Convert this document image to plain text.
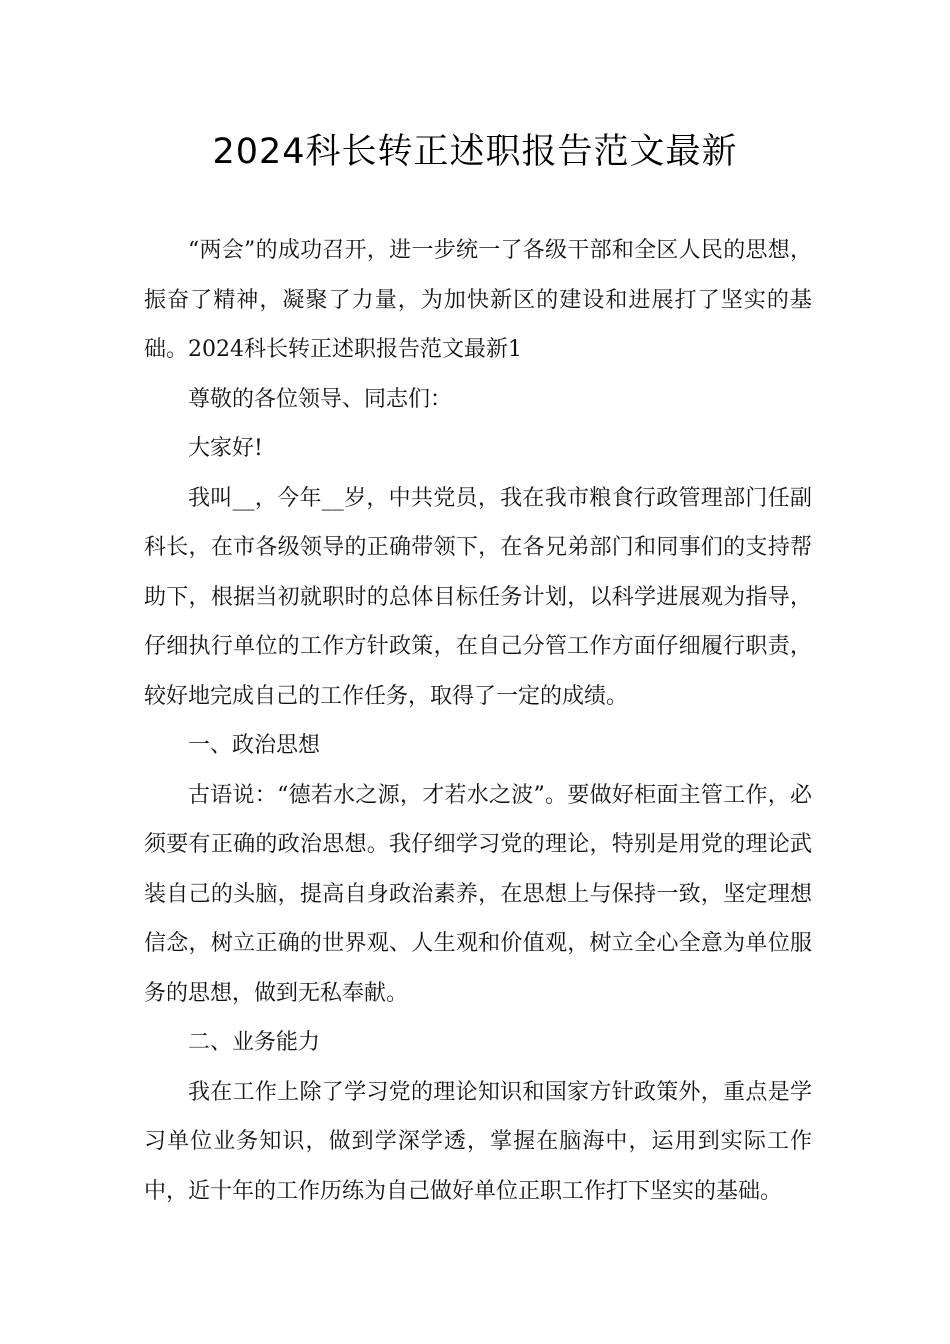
2024科长转正述职报告范文最新

“两会”的成功召开，进一步统一了各级干部和全区人民的思想，振奋了精神，凝聚了力量，为加快新区的建设和进展打了坚实的基础。2024科长转正述职报告范文最新1

尊敬的各位领导、同志们：

大家好!

我叫__，今年__岁，中共党员，我在我市粮食行政管理部门任副科长，在市各级领导的正确带领下，在各兄弟部门和同事们的支持帮助下，根据当初就职时的总体目标任务计划，以科学进展观为指导，仔细执行单位的工作方针政策，在自己分管工作方面仔细履行职责，较好地完成自己的工作任务，取得了一定的成绩。

一、政治思想

古语说：“德若水之源，才若水之波”。要做好柜面主管工作，必须要有正确的政治思想。我仔细学习党的理论，特别是用党的理论武装自己的头脑，提高自身政治素养，在思想上与保持一致，坚定理想信念，树立正确的世界观、人生观和价值观，树立全心全意为单位服务的思想，做到无私奉献。

二、业务能力

我在工作上除了学习党的理论知识和国家方针政策外，重点是学习单位业务知识，做到学深学透，掌握在脑海中，运用到实际工作中，近十年的工作历练为自己做好单位正职工作打下坚实的基础。
